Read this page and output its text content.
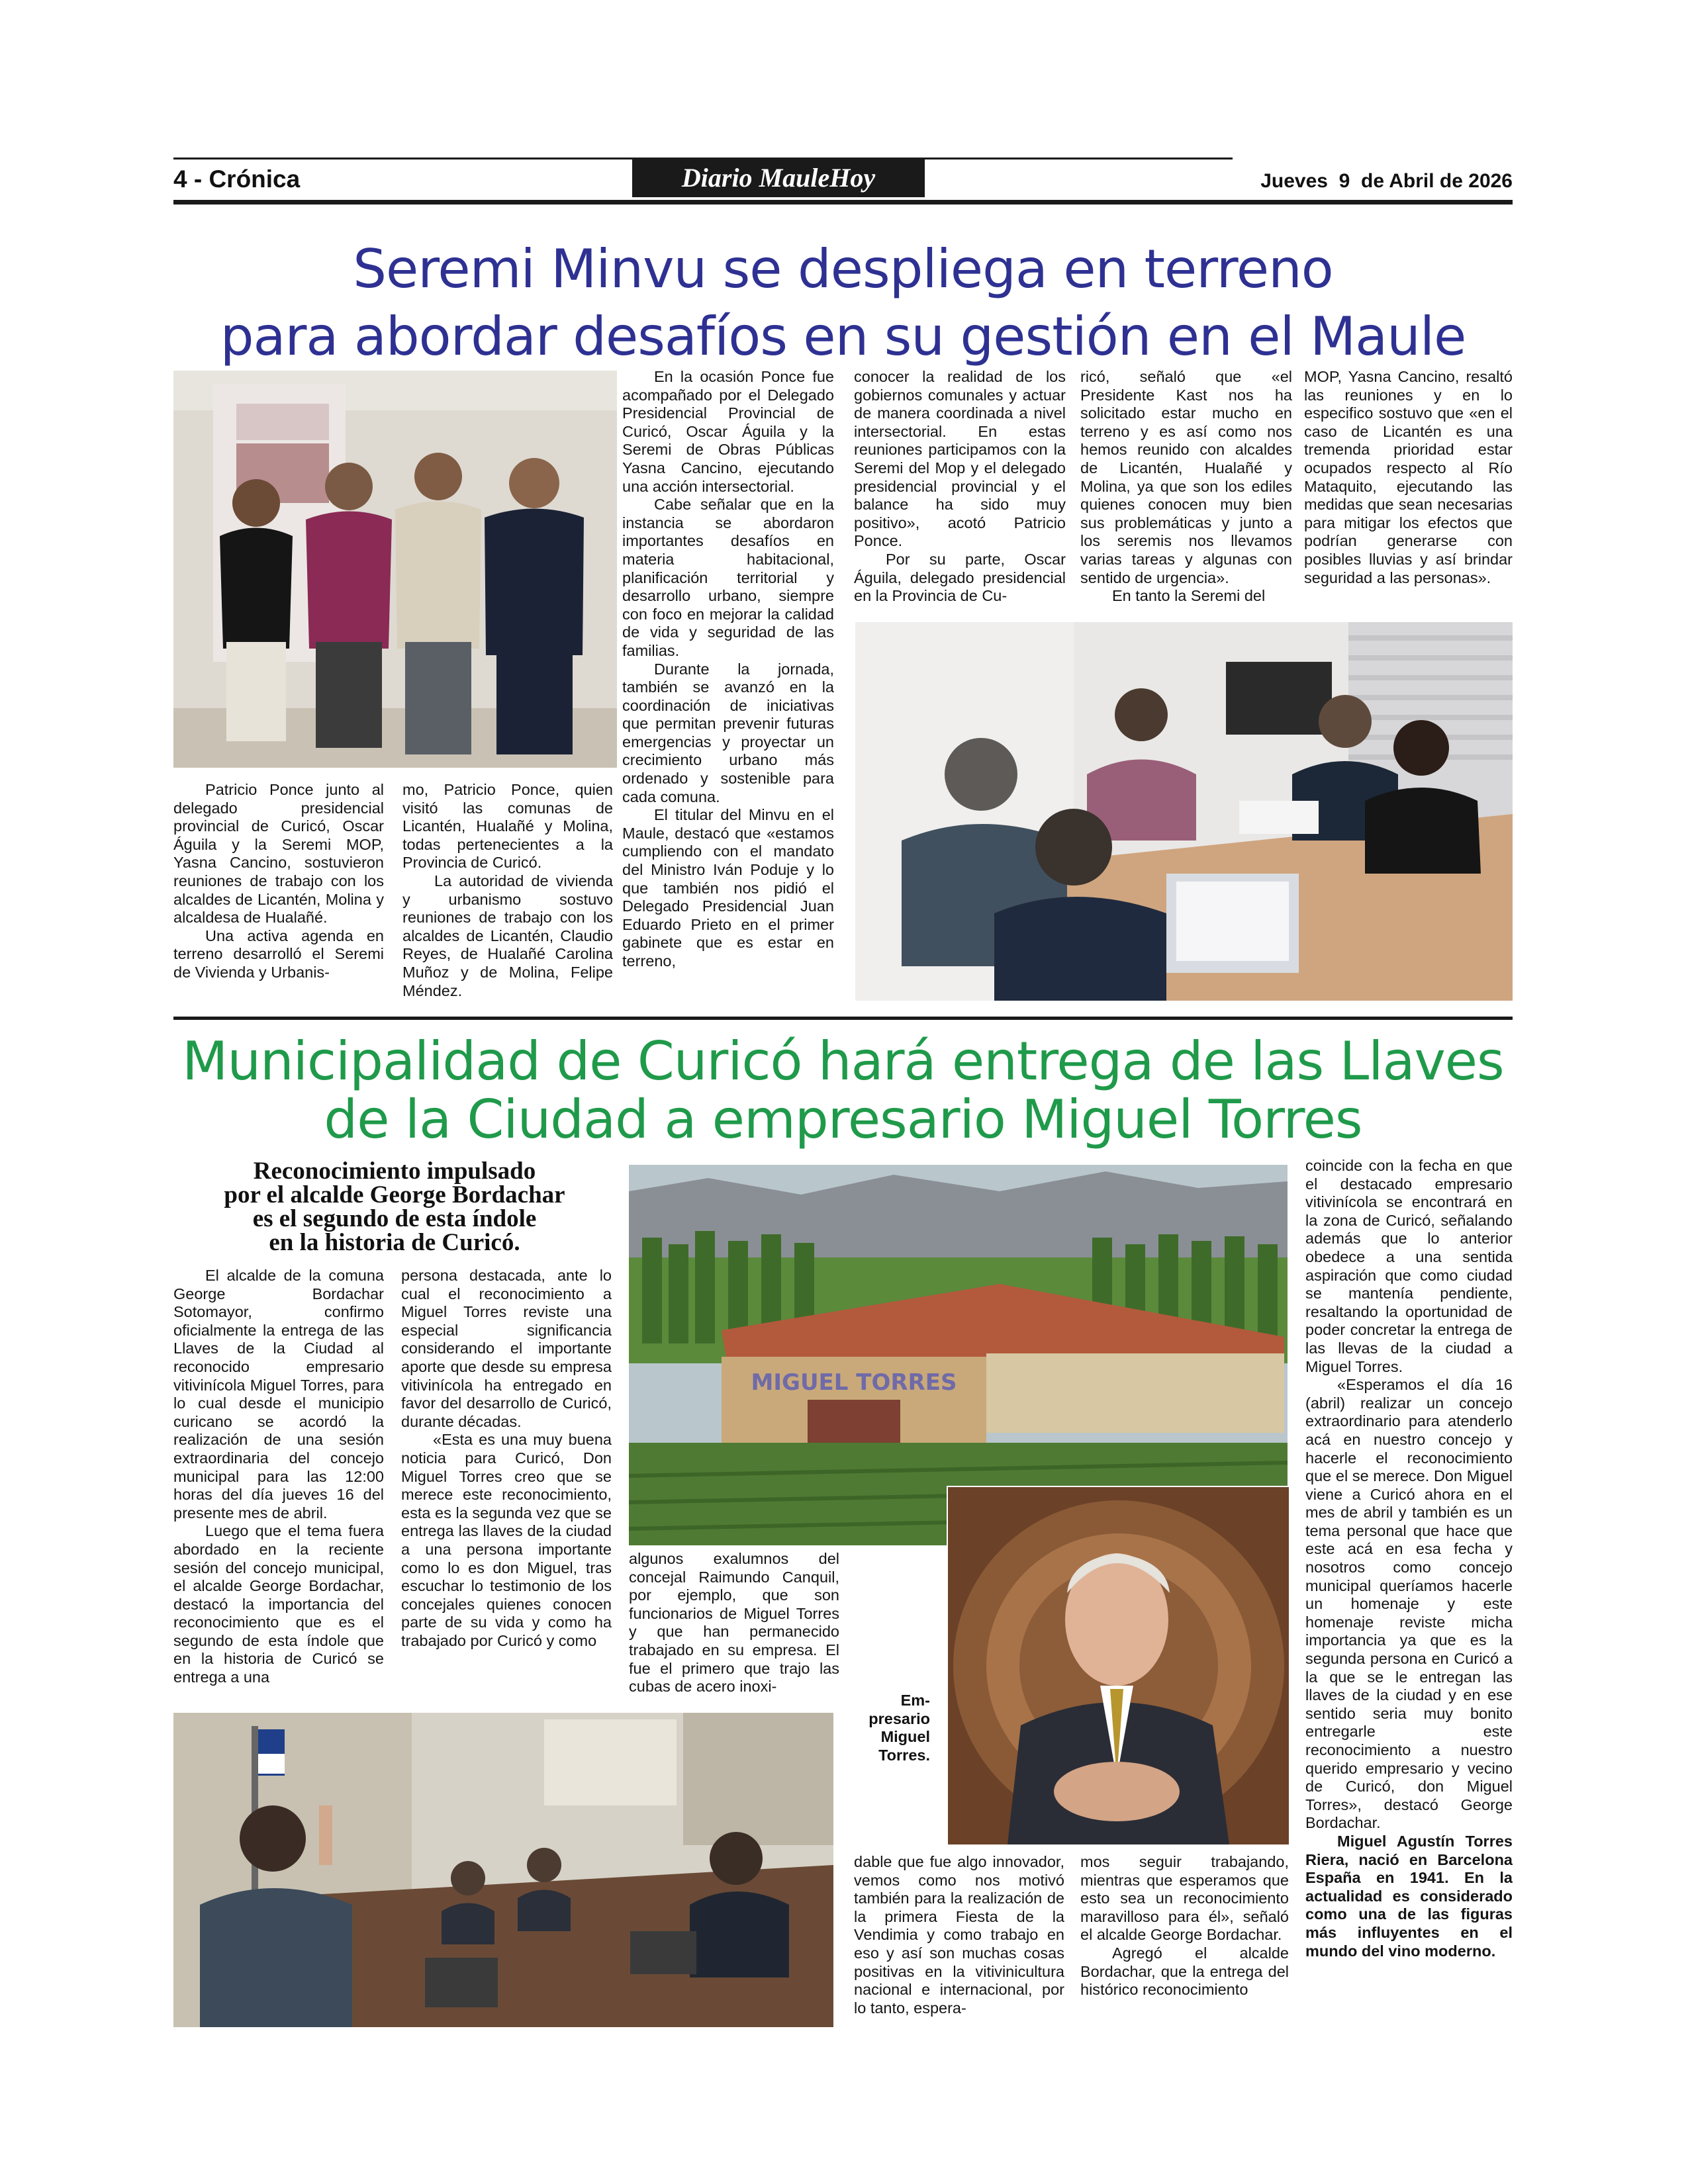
4 - Crónica	Diario MauleHoy	Jueves  9  de Abril de 2026
Seremi Minvu se despliega en terreno
para abordar desafíos en su gestión en el Maule

Patricio Ponce junto al delegado presidencial provincial de Curicó, Oscar Águila y la Seremi MOP, Yasna Cancino, sostuvieron reuniones de trabajo con los alcaldes de Licantén, Molina y alcaldesa de Hualañé.

Una activa agenda en terreno desarrolló el Seremi de Vivienda y Urbanis-

mo, Patricio Ponce, quien visitó las comunas de Licantén, Hualañé y Molina, todas pertenecientes a la Provincia de Curicó.

La autoridad de vivienda y urbanismo sostuvo reuniones de trabajo con los alcaldes de Licantén, Claudio Reyes, de Hualañé Carolina Muñoz y de Molina, Felipe Méndez.

En la ocasión Ponce fue acompañado por el Delegado Presidencial Provincial de Curicó, Oscar Águila y la Seremi de Obras Públicas Yasna Cancino, ejecutando una acción intersectorial.

Cabe señalar que en la instancia se abordaron importantes desafíos en materia habitacional, planificación territorial y desarrollo urbano, siempre con foco en mejorar la calidad de vida y seguridad de las familias.

Durante la jornada, también se avanzó en la coordinación de iniciativas que permitan prevenir futuras emergencias y proyectar un crecimiento urbano más ordenado y sostenible para cada comuna.

El titular del Minvu en el Maule, destacó que «estamos cumpliendo con el mandato del Ministro Iván Poduje y lo que también nos pidió el Delegado Presidencial Juan Eduardo Prieto en el primer gabinete que es estar en terreno,

conocer la realidad de los gobiernos comunales y actuar de manera coordinada a nivel intersectorial. En estas reuniones participamos con la Seremi del Mop y el delegado presidencial provincial y el balance ha sido muy positivo», acotó Patricio Ponce.

Por su parte, Oscar Águila, delegado presidencial en la Provincia de Cu-

ricó, señaló que «el Presidente Kast nos ha solicitado estar mucho en terreno y es así como nos hemos reunido con alcaldes de Licantén, Hualañé y Molina, ya que son los ediles quienes conocen muy bien sus problemáticas y junto a los seremis nos llevamos varias tareas y algunas con sentido de urgencia».

En tanto la Seremi del

MOP, Yasna Cancino, resaltó las reuniones y en lo especifico sostuvo que «en el caso de Licantén es una tremenda prioridad estar ocupados respecto al Río Mataquito, ejecutando las medidas que sean necesarias para mitigar los efectos que podrían generarse con posibles lluvias y así brindar seguridad a las personas».

Municipalidad de Curicó hará entrega de las Llaves
de la Ciudad a empresario Miguel Torres
Reconocimiento impulsado
por el alcalde George Bordachar
es el segundo de esta índole
en la historia de Curicó.

El alcalde de la comuna George Bordachar Sotomayor, confirmo oficialmente la entrega de las Llaves de la Ciudad al reconocido empresario vitivinícola Miguel Torres, para lo cual desde el municipio curicano se acordó la realización de una sesión extraordinaria del concejo municipal para las 12:00 horas del día jueves 16 del presente mes de abril.

Luego que el tema fuera abordado en la reciente sesión del concejo municipal, el alcalde George Bordachar, destacó la importancia del reconocimiento que es el segundo de esta índole que en la historia de Curicó se entrega a una

persona destacada, ante lo cual el reconocimiento a Miguel Torres reviste una especial significancia considerando el importante aporte que desde su empresa vitivinícola ha entregado en favor del desarrollo de Curicó, durante décadas.

«Esta es una muy buena noticia para Curicó, Don Miguel Torres creo que se merece este reconocimiento, esta es la segunda vez que se entrega las llaves de la ciudad a una persona importante como lo es don Miguel, tras escuchar lo testimonio de los concejales quienes conocen parte de su vida y como ha trabajado por Curicó y como

MIGUEL TORRES

algunos exalumnos del concejal Raimundo Canquil, por ejemplo, que son funcionarios de Miguel Torres y que han permanecido trabajado en su empresa. El fue el primero que trajo las cubas de acero inoxi-

Em-
presario
Miguel
Torres.

dable que fue algo innovador, vemos como nos motivó también para la realización de la primera Fiesta de la Vendimia y como trabajo en eso y así son muchas cosas positivas en la vitivinicultura nacional e internacional, por lo tanto, espera-

mos seguir trabajando, mientras que esperamos que esto sea un reconocimiento maravilloso para él», señaló el alcalde George Bordachar.

Agregó el alcalde Bordachar, que la entrega del histórico reconocimiento

coincide con la fecha en que el destacado empresario vitivinícola se encontrará en la zona de Curicó, señalando además que lo anterior obedece a una sentida aspiración que como ciudad se mantenía pendiente, resaltando la oportunidad de poder concretar la entrega de las llevas de la ciudad a Miguel Torres.

«Esperamos el día 16 (abril) realizar un concejo extraordinario para atenderlo acá en nuestro concejo y hacerle el reconocimiento que el se merece. Don Miguel viene a Curicó ahora en el mes de abril y también es un tema personal que hace que este acá en esa fecha y nosotros como concejo municipal queríamos hacerle un homenaje y este homenaje reviste micha importancia ya que es la segunda persona en Curicó a la que se le entregan las llaves de la ciudad y en ese sentido seria muy bonito entregarle este reconocimiento a nuestro querido empresario y vecino de Curicó, don Miguel Torres», destacó George Bordachar.

Miguel Agustín Torres Riera, nació en Barcelona España en 1941. En la actualidad es considerado como una de las figuras más influyentes en el mundo del vino moderno.
